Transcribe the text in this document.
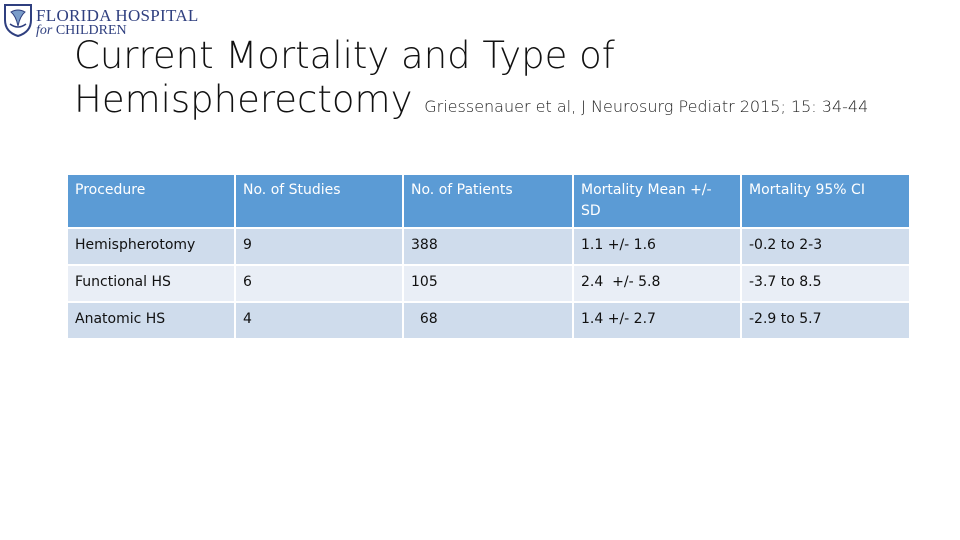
FLORIDA HOSPITAL
for CHILDREN
Current Mortality and Type of
Hemispherectomy Griessenauer et al, J Neurosurg Pediatr 2015; 15: 34-44
Procedure	No. of Studies	No. of Patients	Mortality Mean +/- SD	Mortality 95% CI
Hemispherotomy	9	388	1.1 +/- 1.6	-0.2 to 2-3
Functional HS	6	105	2.4  +/- 5.8	-3.7 to 8.5
Anatomic HS	4	68	1.4 +/- 2.7	-2.9 to 5.7
